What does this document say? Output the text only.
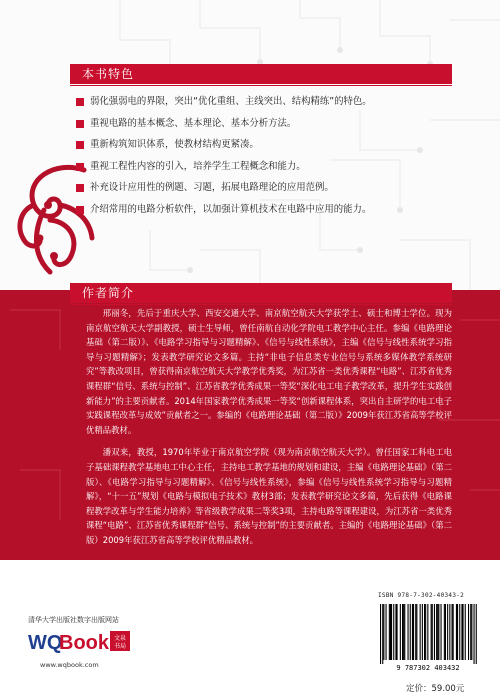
本书特色
弱化强弱电的界限，突出“优化重组、主线突出、结构精练”的特色。
重视电路的基本概念、基本理论、基本分析方法。
重新构筑知识体系，使教材结构更紧凑。
重视工程性内容的引入，培养学生工程概念和能力。
补充设计应用性的例题、习题，拓展电路理论的应用范例。
介绍常用的电路分析软件，以加强计算机技术在电路中应用的能力。
作者简介

邢丽冬，先后于重庆大学、西安交通大学、南京航空航天大学获学士、硕士和博士学位。现为南京航空航天大学副教授，硕士生导师，曾任南航自动化学院电工教学中心主任。参编《电路理论基础（第二版）》、《电路学习指导与习题精解》、《信号与线性系统》，主编《信号与线性系统学习指导与习题精解》；发表教学研究论文多篇。主持“非电子信息类专业信号与系统多媒体教学系统研究”等教改项目，曾获得南京航空航天大学教学优秀奖，为江苏省一类优秀课程“电路”、江苏省优秀课程群“信号、系统与控制”、江苏省教学优秀成果一等奖“深化电工电子教学改革，提升学生实践创新能力”的主要贡献者。2014年国家教学优秀成果一等奖“创新课程体系，突出自主研学的电工电子实践课程改革与成效”贡献者之一。参编的《电路理论基础（第二版）》2009年获江苏省高等学校评优精品教材。

潘双来，教授，1970年毕业于南京航空学院（现为南京航空航天大学）。曾任国家工科电工电子基础课程教学基地电工中心主任，主持电工教学基地的规划和建设，主编《电路理论基础》（第二版）、《电路学习指导与习题精解》、《信号与线性系统》，参编《信号与线性系统学习指导与习题精解》，“十一五”规划《电路与模拟电子技术》教材3部；发表教学研究论文多篇，先后获得《电路课程教学改革与学生能力培养》等省级教学成果二等奖3项，主持电路等课程建设，为江苏省一类优秀课程“电路”、江苏省优秀课程群“信号、系统与控制”的主要贡献者。主编的《电路理论基础》（第二版）2009年获江苏省高等学校评优精品教材。

ISBN 978-7-302-40343-2
9 787302 403432
定价：59.00元
清华大学出版社数字出版网站
WQ
Book 文泉
书局
www.wqbook.com
